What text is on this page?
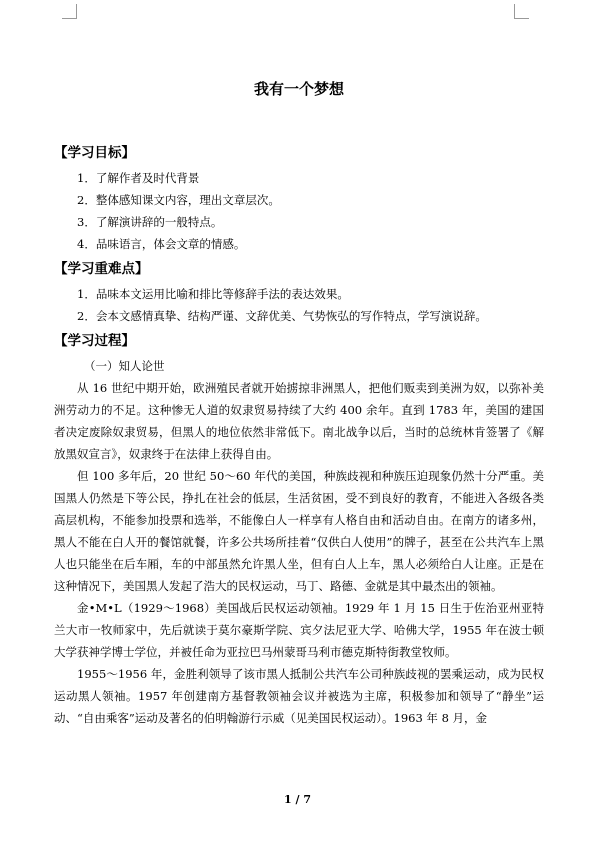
我有一个梦想
【学习目标】
1．了解作者及时代背景
2．整体感知课文内容，理出文章层次。
3．了解演讲辞的一般特点。
4．品味语言，体会文章的情感。
【学习重难点】
1．品味本文运用比喻和排比等修辞手法的表达效果。
2．会本文感情真挚、结构严谨、文辞优美、气势恢弘的写作特点，学写演说辞。
【学习过程】
（一）知人论世

从 16 世纪中期开始，欧洲殖民者就开始掳掠非洲黑人，把他们贩卖到美洲为奴，以弥补美洲劳动力的不足。这种惨无人道的奴隶贸易持续了大约 400 余年。直到 1783 年，美国的建国者决定废除奴隶贸易，但黑人的地位依然非常低下。南北战争以后，当时的总统林肯签署了《解放黑奴宣言》，奴隶终于在法律上获得自由。

但 100 多年后，20 世纪 50～60 年代的美国，种族歧视和种族压迫现象仍然十分严重。美国黑人仍然是下等公民，挣扎在社会的低层，生活贫困，受不到良好的教育，不能进入各级各类高层机构，不能参加投票和选举，不能像白人一样享有人格自由和活动自由。在南方的诸多州，黑人不能在白人开的餐馆就餐，许多公共场所挂着“仅供白人使用”的牌子，甚至在公共汽车上黑人也只能坐在后车厢，车的中部虽然允许黑人坐，但有白人上车，黑人必须给白人让座。正是在这种情况下，美国黑人发起了浩大的民权运动，马丁、路德、金就是其中最杰出的领袖。

金•M•L（1929～1968）美国战后民权运动领袖。1929 年 1 月 15 日生于佐治亚州亚特兰大市一牧师家中，先后就读于莫尔豪斯学院、宾夕法尼亚大学、哈佛大学，1955 年在波士顿大学获神学博士学位，并被任命为亚拉巴马州蒙哥马利市德克斯特街教堂牧师。

1955～1956 年，金胜利领导了该市黑人抵制公共汽车公司种族歧视的罢乘运动，成为民权运动黑人领袖。1957 年创建南方基督教领袖会议并被选为主席，积极参加和领导了“静坐”运动、“自由乘客”运动及著名的伯明翰游行示威（见美国民权运动）。1963 年 8 月，金

1 / 7
